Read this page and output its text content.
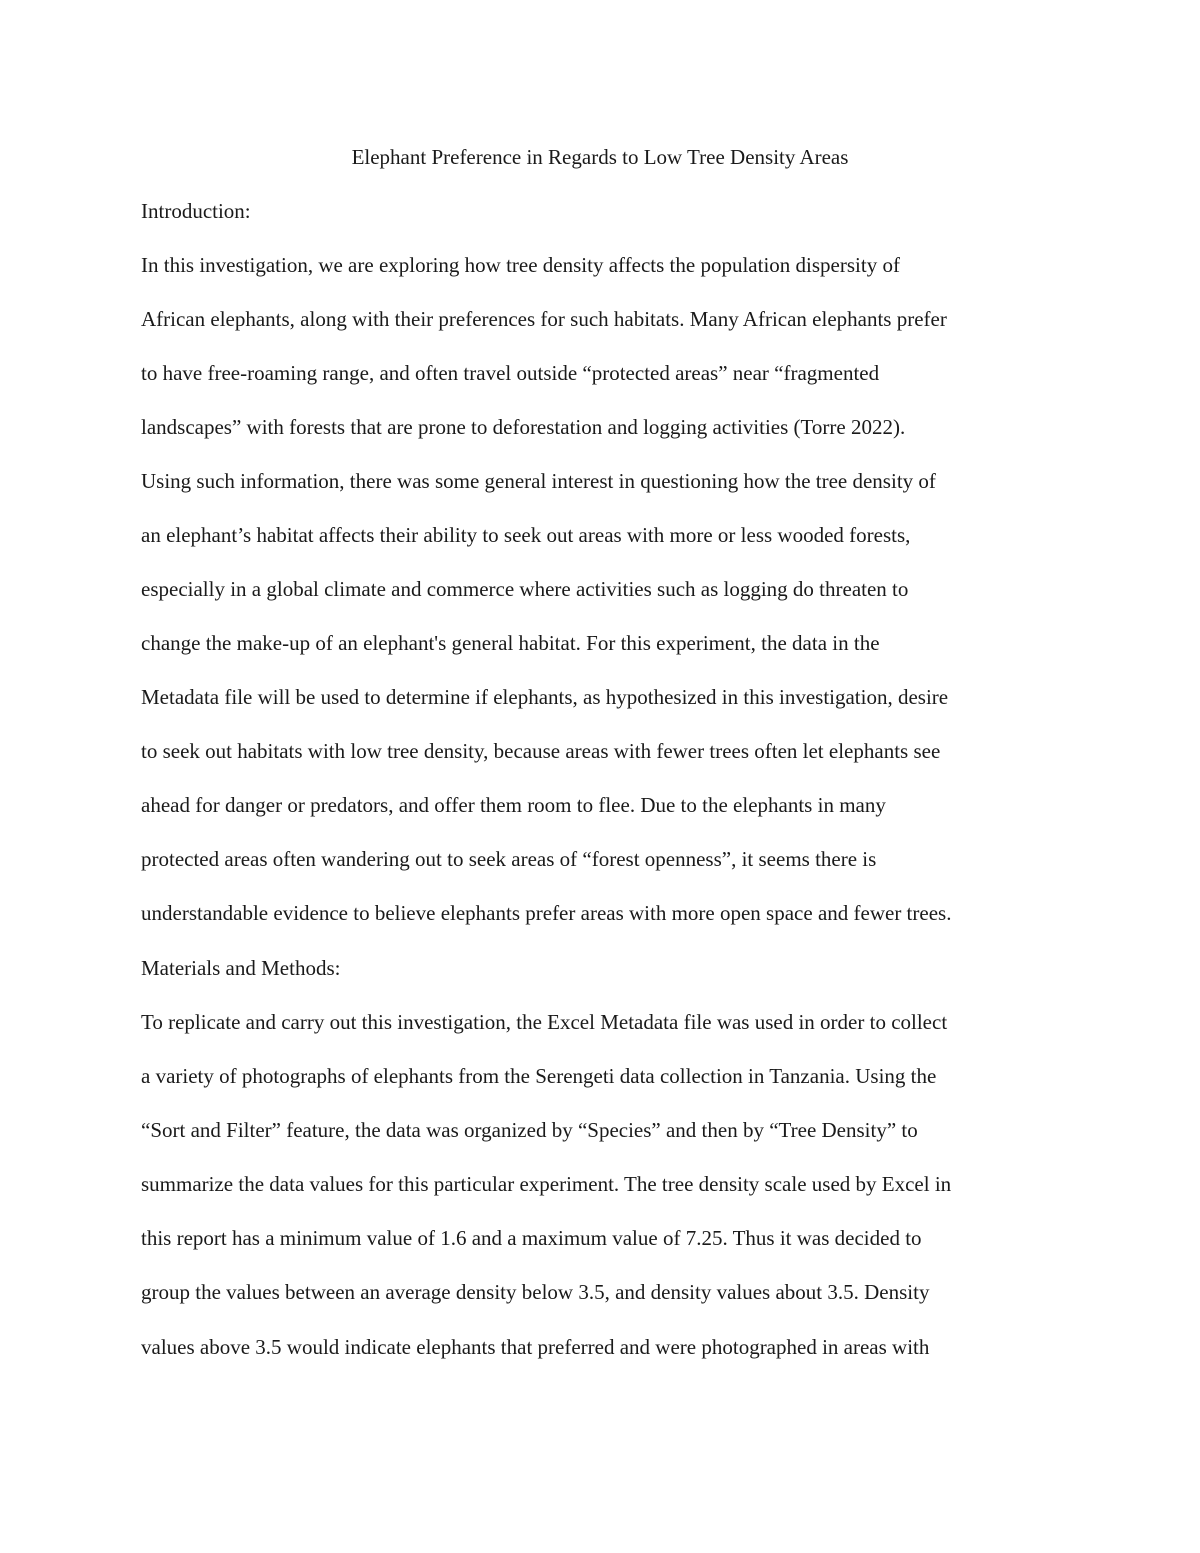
Elephant Preference in Regards to Low Tree Density Areas
Introduction:
In this investigation, we are exploring how tree density affects the population dispersity of
African elephants, along with their preferences for such habitats. Many African elephants prefer
to have free-roaming range, and often travel outside “protected areas” near “fragmented
landscapes” with forests that are prone to deforestation and logging activities (Torre 2022).
Using such information, there was some general interest in questioning how the tree density of
an elephant’s habitat affects their ability to seek out areas with more or less wooded forests,
especially in a global climate and commerce where activities such as logging do threaten to
change the make-up of an elephant's general habitat. For this experiment, the data in the
Metadata file will be used to determine if elephants, as hypothesized in this investigation, desire
to seek out habitats with low tree density, because areas with fewer trees often let elephants see
ahead for danger or predators, and offer them room to flee. Due to the elephants in many
protected areas often wandering out to seek areas of “forest openness”, it seems there is
understandable evidence to believe elephants prefer areas with more open space and fewer trees.
Materials and Methods:
To replicate and carry out this investigation, the Excel Metadata file was used in order to collect
a variety of photographs of elephants from the Serengeti data collection in Tanzania. Using the
“Sort and Filter” feature, the data was organized by “Species” and then by “Tree Density” to
summarize the data values for this particular experiment. The tree density scale used by Excel in
this report has a minimum value of 1.6 and a maximum value of 7.25. Thus it was decided to
group the values between an average density below 3.5, and density values about 3.5. Density
values above 3.5 would indicate elephants that preferred and were photographed in areas with
